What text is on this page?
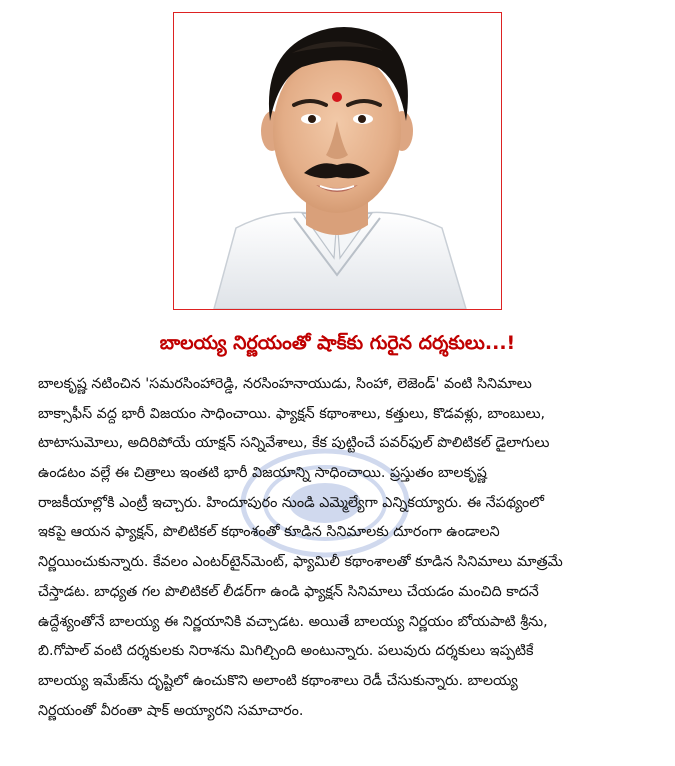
బాలయ్య నిర్ణయంతో షాక్‌కు గురైన దర్శకులు...!
బాలకృష్ణ నటించిన 'సమరసింహారెడ్డి, నరసింహనాయుడు, సింహా, లెజెండ్' వంటి సినిమాలు
బాక్సాఫీస్ వద్ద భారీ విజయం సాధించాయి. ఫ్యాక్షన్ కథాంశాలు, కత్తులు, కొడవళ్లు, బాంబులు,
టాటాసుమోలు, అదిరిపోయే యాక్షన్ సన్నివేశాలు, కేక పుట్టించే పవర్‌ఫుల్ పొలిటికల్ డైలాగులు
ఉండటం వల్లే ఈ చిత్రాలు ఇంతటి భారీ విజయాన్ని సాధించాయి. ప్రస్తుతం బాలకృష్ణ
రాజకీయాల్లోకి ఎంట్రీ ఇచ్చారు. హిందూపురం నుండి ఎమ్మెల్యేగా ఎన్నికయ్యారు. ఈ నేపథ్యంలో
ఇకపై ఆయన ఫ్యాక్షన్, పొలిటికల్ కథాంశంతో కూడిన సినిమాలకు దూరంగా ఉండాలని
నిర్ణయించుకున్నారు. కేవలం ఎంటర్‌టైన్‌మెంట్, ఫ్యామిలీ కథాంశాలతో కూడిన సినిమాలు మాత్రమే
చేస్తాడట. బాధ్యత గల పొలిటికల్ లీడర్‌గా ఉండి ఫ్యాక్షన్ సినిమాలు చేయడం మంచిది కాదనే
ఉద్దేశ్యంతోనే బాలయ్య ఈ నిర్ణయానికి వచ్చాడట. అయితే బాలయ్య నిర్ణయం బోయపాటి శ్రీను,
బి.గోపాల్ వంటి దర్శకులకు నిరాశను మిగిల్చింది అంటున్నారు. పలువురు దర్శకులు ఇప్పటికే
బాలయ్య ఇమేజ్‌ను దృష్టిలో ఉంచుకొని అలాంటి కథాంశాలు రెడీ చేసుకున్నారు. బాలయ్య
నిర్ణయంతో వీరంతా షాక్ అయ్యారని సమాచారం.
